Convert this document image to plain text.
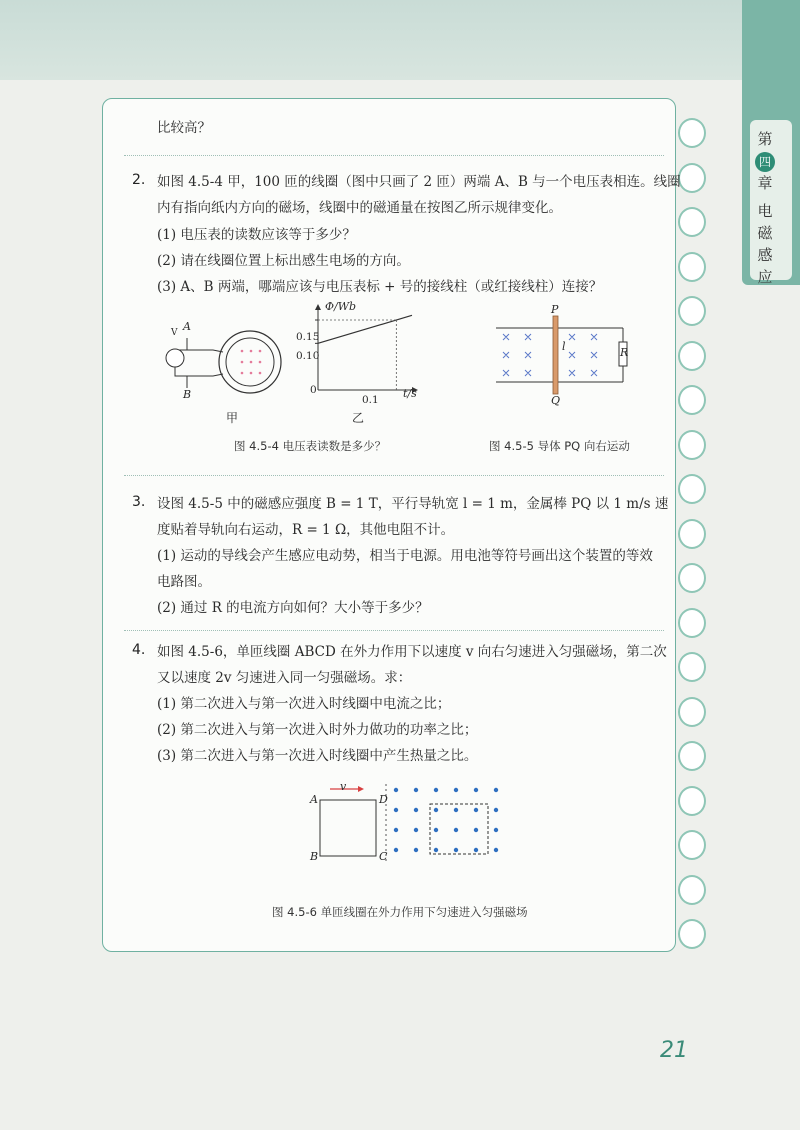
第
四
章
电
磁
感
应
比较高？
2. 如图 4.5-4 甲，100 匝的线圈（图中只画了 2 匝）两端 A、B 与一个电压表相连。线圈
内有指向纸内方向的磁场，线圈中的磁通量在按图乙所示规律变化。
(1) 电压表的读数应该等于多少？
(2) 请在线圈位置上标出感生电场的方向。
(3) A、B 两端，哪端应该与电压表标 + 号的接线柱（或红接线柱）连接？
V A
B
甲
Φ/Wb
t/s
0.15
0.10
0
0.1
乙
图 4.5-4 电压表读数是多少？
P
Q
l	R
图 4.5-5 导体 PQ 向右运动
3. 设图 4.5-5 中的磁感应强度 B = 1 T，平行导轨宽 l = 1 m，金属棒 PQ 以 1 m/s 速
度贴着导轨向右运动，R = 1 Ω，其他电阻不计。
(1) 运动的导线会产生感应电动势，相当于电源。用电池等符号画出这个装置的等效
电路图。
(2) 通过 R 的电流方向如何？大小等于多少？
4. 如图 4.5-6，单匝线圈 ABCD 在外力作用下以速度 v 向右匀速进入匀强磁场，第二次
又以速度 2v 匀速进入同一匀强磁场。求：
(1) 第二次进入与第一次进入时线圈中电流之比；
(2) 第二次进入与第一次进入时外力做功的功率之比；
(3) 第二次进入与第一次进入时线圈中产生热量之比。
v
A	D
B	C
图 4.5-6 单匝线圈在外力作用下匀速进入匀强磁场
21
